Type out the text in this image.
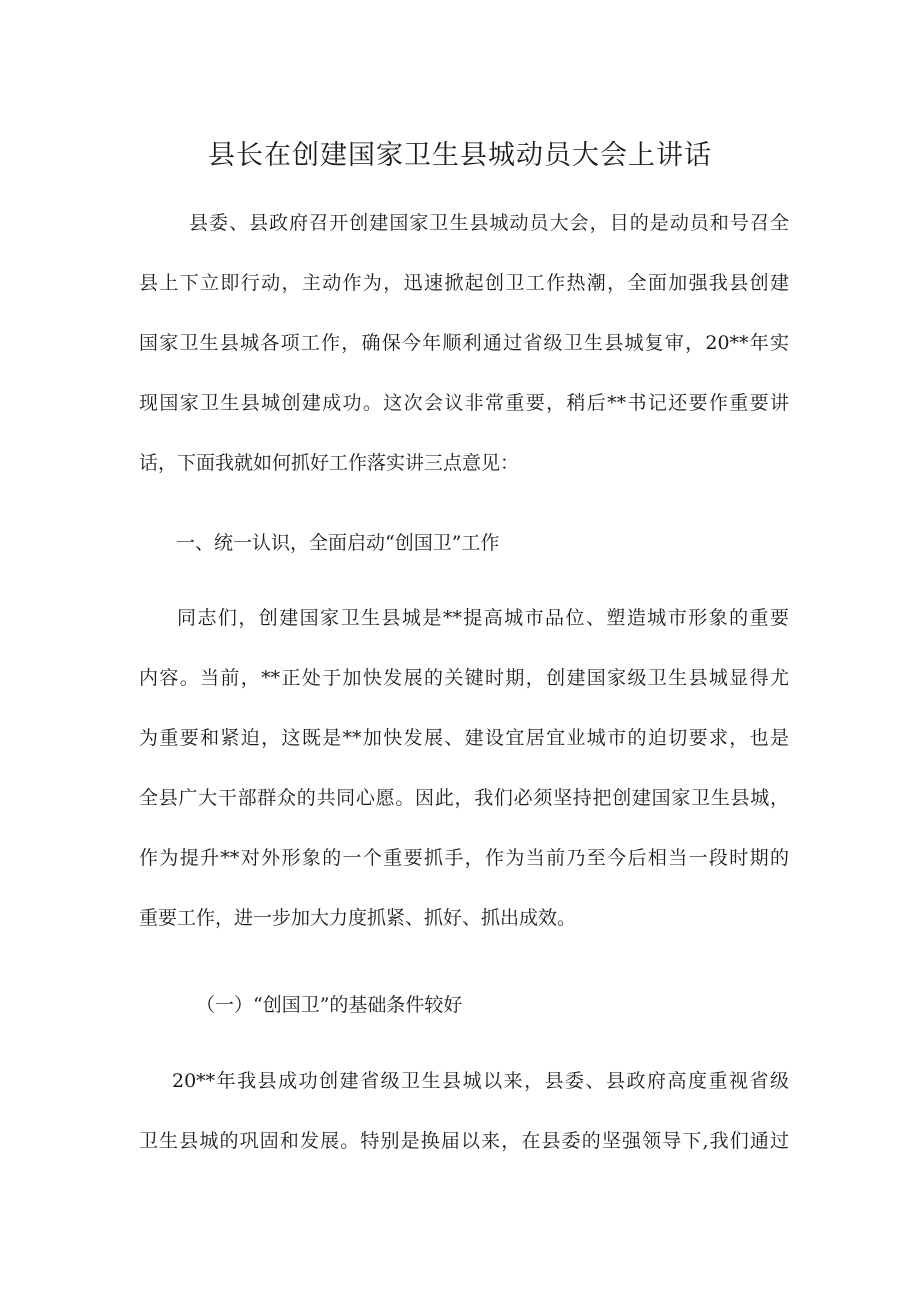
县长在创建国家卫生县城动员大会上讲话
县委、县政府召开创建国家卫生县城动员大会，目的是动员和号召全
县上下立即行动，主动作为，迅速掀起创卫工作热潮，全面加强我县创建
国家卫生县城各项工作，确保今年顺利通过省级卫生县城复审，20**年实
现国家卫生县城创建成功。这次会议非常重要，稍后**书记还要作重要讲
话，下面我就如何抓好工作落实讲三点意见：
一、统一认识，全面启动“创国卫”工作
同志们，创建国家卫生县城是**提高城市品位、塑造城市形象的重要
内容。当前，**正处于加快发展的关键时期，创建国家级卫生县城显得尤
为重要和紧迫，这既是**加快发展、建设宜居宜业城市的迫切要求，也是
全县广大干部群众的共同心愿。因此，我们必须坚持把创建国家卫生县城，
作为提升**对外形象的一个重要抓手，作为当前乃至今后相当一段时期的
重要工作，进一步加大力度抓紧、抓好、抓出成效。
（一）“创国卫”的基础条件较好
20**年我县成功创建省级卫生县城以来，县委、县政府高度重视省级
卫生县城的巩固和发展。特别是换届以来，在县委的坚强领导下,我们通过
